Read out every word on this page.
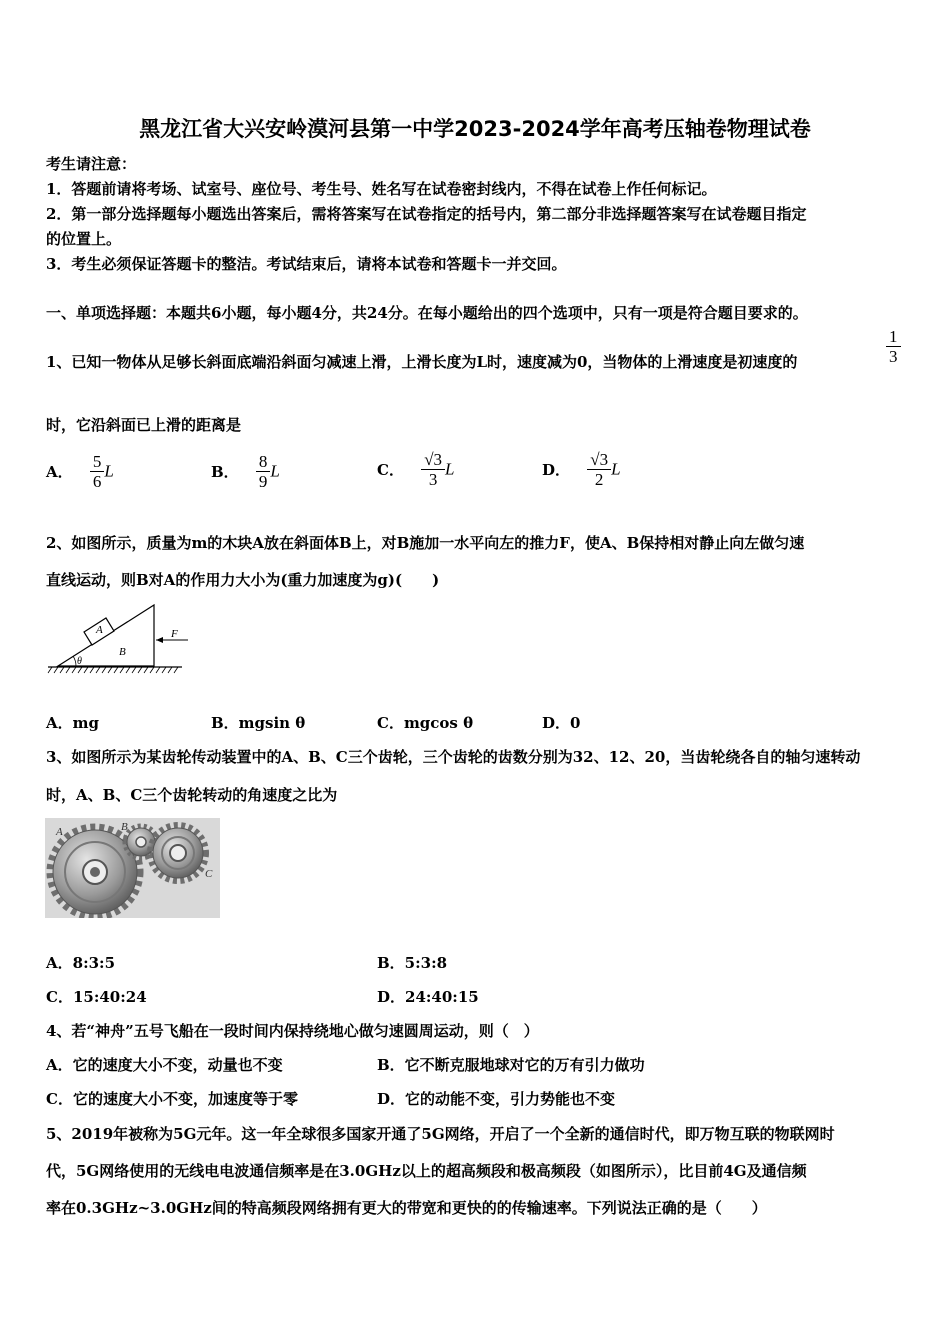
黑龙江省大兴安岭漠河县第一中学2023-2024学年高考压轴卷物理试卷
考生请注意：
1．答题前请将考场、试室号、座位号、考生号、姓名写在试卷密封线内，不得在试卷上作任何标记。
2．第一部分选择题每小题选出答案后，需将答案写在试卷指定的括号内，第二部分非选择题答案写在试卷题目指定
的位置上。
3．考生必须保证答题卡的整洁。考试结束后，请将本试卷和答题卡一并交回。
一、单项选择题：本题共6小题，每小题4分，共24分。在每小题给出的四个选项中，只有一项是符合题目要求的。
1、已知一物体从足够长斜面底端沿斜面匀减速上滑，上滑长度为L时，速度减为0，当物体的上滑速度是初速度的	$\frac{1}{3}$
时，它沿斜面已上滑的距离是
A． $\frac{5}{6}$ L	B． $\frac{8}{9}$ L	C． $\frac{√3}{3}$ L	D． $\frac{√3}{2}$ L
2、如图所示，质量为m的木块A放在斜面体B上，对B施加一水平向左的推力F，使A、B保持相对静止向左做匀速
直线运动，则B对A的作用力大小为(重力加速度为g)(　　)
A
B
F
θ
A．mg	B．mgsin θ	C．mgcos θ	D．0
3、如图所示为某齿轮传动装置中的A、B、C三个齿轮，三个齿轮的齿数分别为32、12、20，当齿轮绕各自的轴匀速转动
时，A、B、C三个齿轮转动的角速度之比为
A	B
C
A．8:3:5	B．5:3:8
C．15:40:24	D．24:40:15
4、若“神舟”五号飞船在一段时间内保持绕地心做匀速圆周运动，则（　）
A．它的速度大小不变，动量也不变	B．它不断克服地球对它的万有引力做功
C．它的速度大小不变，加速度等于零	D．它的动能不变，引力势能也不变
5、2019年被称为5G元年。这一年全球很多国家开通了5G网络，开启了一个全新的通信时代，即万物互联的物联网时
代，5G网络使用的无线电电波通信频率是在3.0GHz以上的超高频段和极高频段（如图所示），比目前4G及通信频
率在0.3GHz~3.0GHz间的特高频段网络拥有更大的带宽和更快的的传输速率。下列说法正确的是（　　）
